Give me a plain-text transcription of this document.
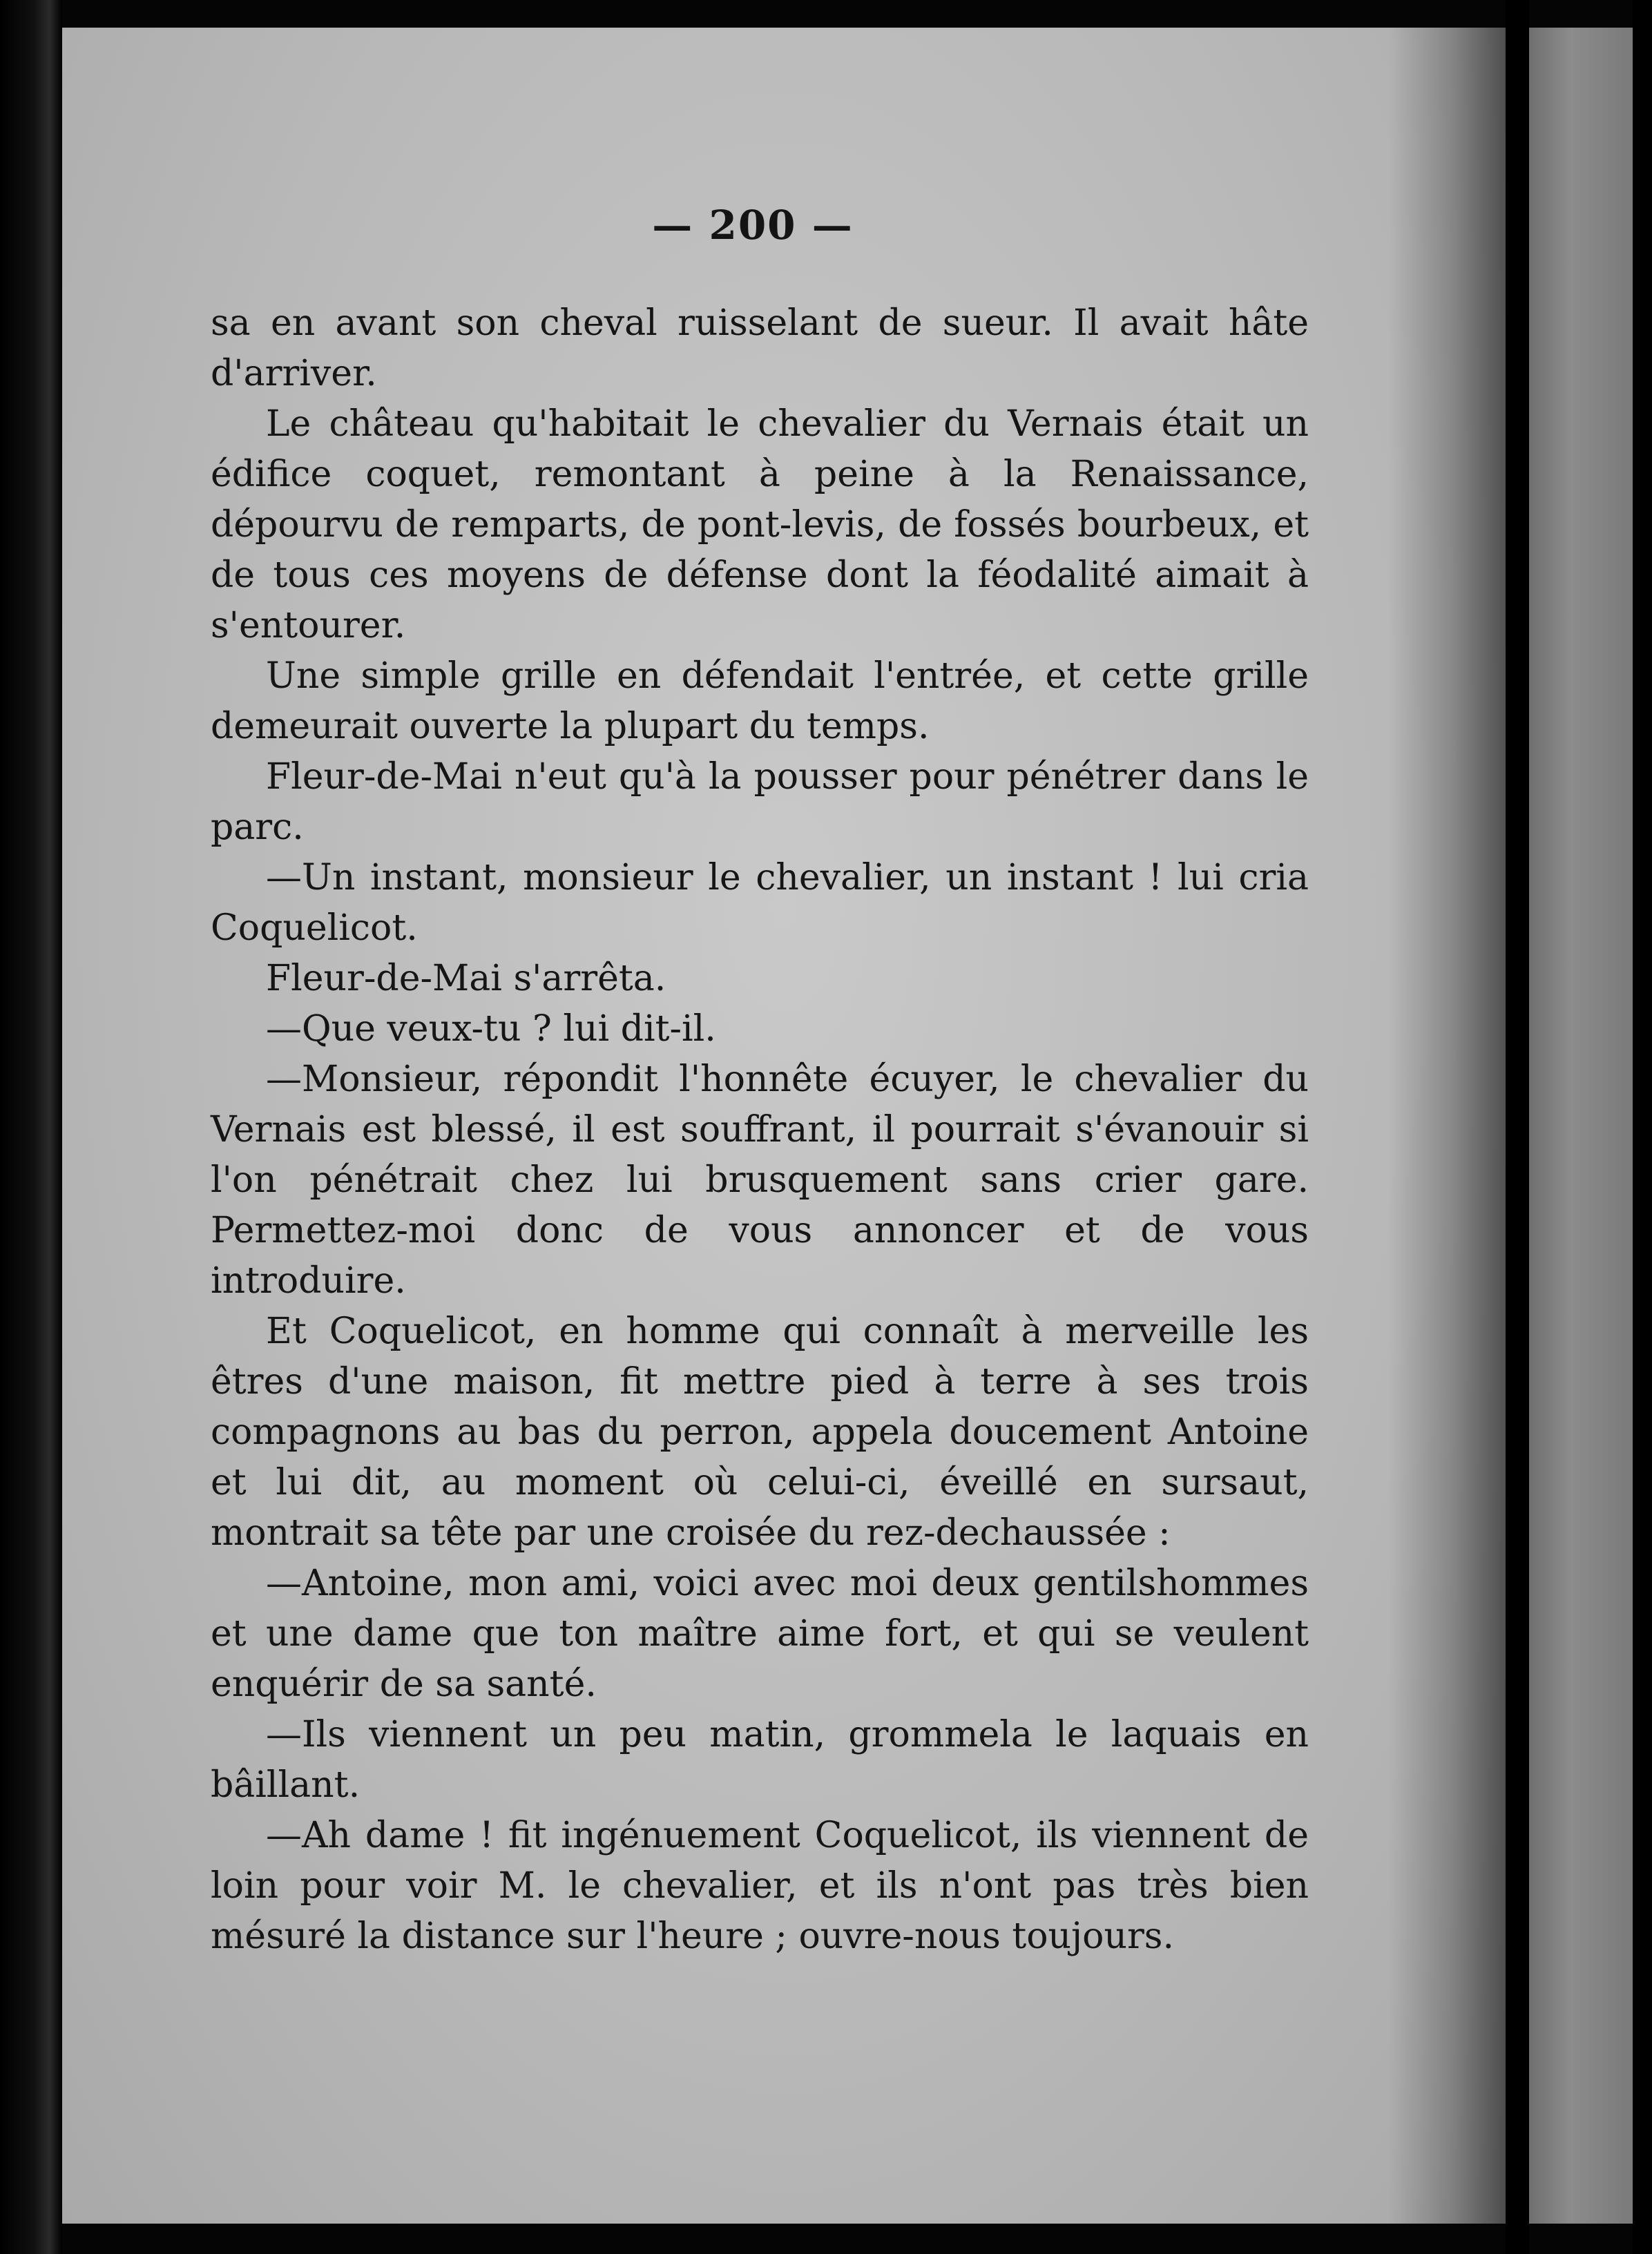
— 200 —

sa en avant son cheval ruisselant de sueur. Il avait hâte d'arriver.

Le château qu'habitait le chevalier du Vernais était un édifice coquet, remontant à peine à la Renaissance, dépourvu de remparts, de pont-levis, de fossés bourbeux, et de tous ces moyens de défense dont la féodalité aimait à s'entourer.

Une simple grille en défendait l'entrée, et cette grille demeurait ouverte la plupart du temps.

Fleur-de-Mai n'eut qu'à la pousser pour pénétrer dans le parc.

—Un instant, monsieur le chevalier, un instant ! lui cria Coquelicot.

Fleur-de-Mai s'arrêta.

—Que veux-tu ? lui dit-il.

—Monsieur, répondit l'honnête écuyer, le chevalier du Vernais est blessé, il est souffrant, il pourrait s'évanouir si l'on pénétrait chez lui brusquement sans crier gare. Permettez-moi donc de vous annoncer et de vous introduire.

Et Coquelicot, en homme qui connaît à merveille les êtres d'une maison, fit mettre pied à terre à ses trois compagnons au bas du perron, appela doucement Antoine et lui dit, au moment où celui-ci, éveillé en sursaut, montrait sa tête par une croisée du rez-dechaussée :

—Antoine, mon ami, voici avec moi deux gentilshommes et une dame que ton maître aime fort, et qui se veulent enquérir de sa santé.

—Ils viennent un peu matin, grommela le laquais en bâillant.

—Ah dame ! fit ingénuement Coquelicot, ils viennent de loin pour voir M. le chevalier, et ils n'ont pas très bien mésuré la distance sur l'heure ; ouvre-nous toujours.
